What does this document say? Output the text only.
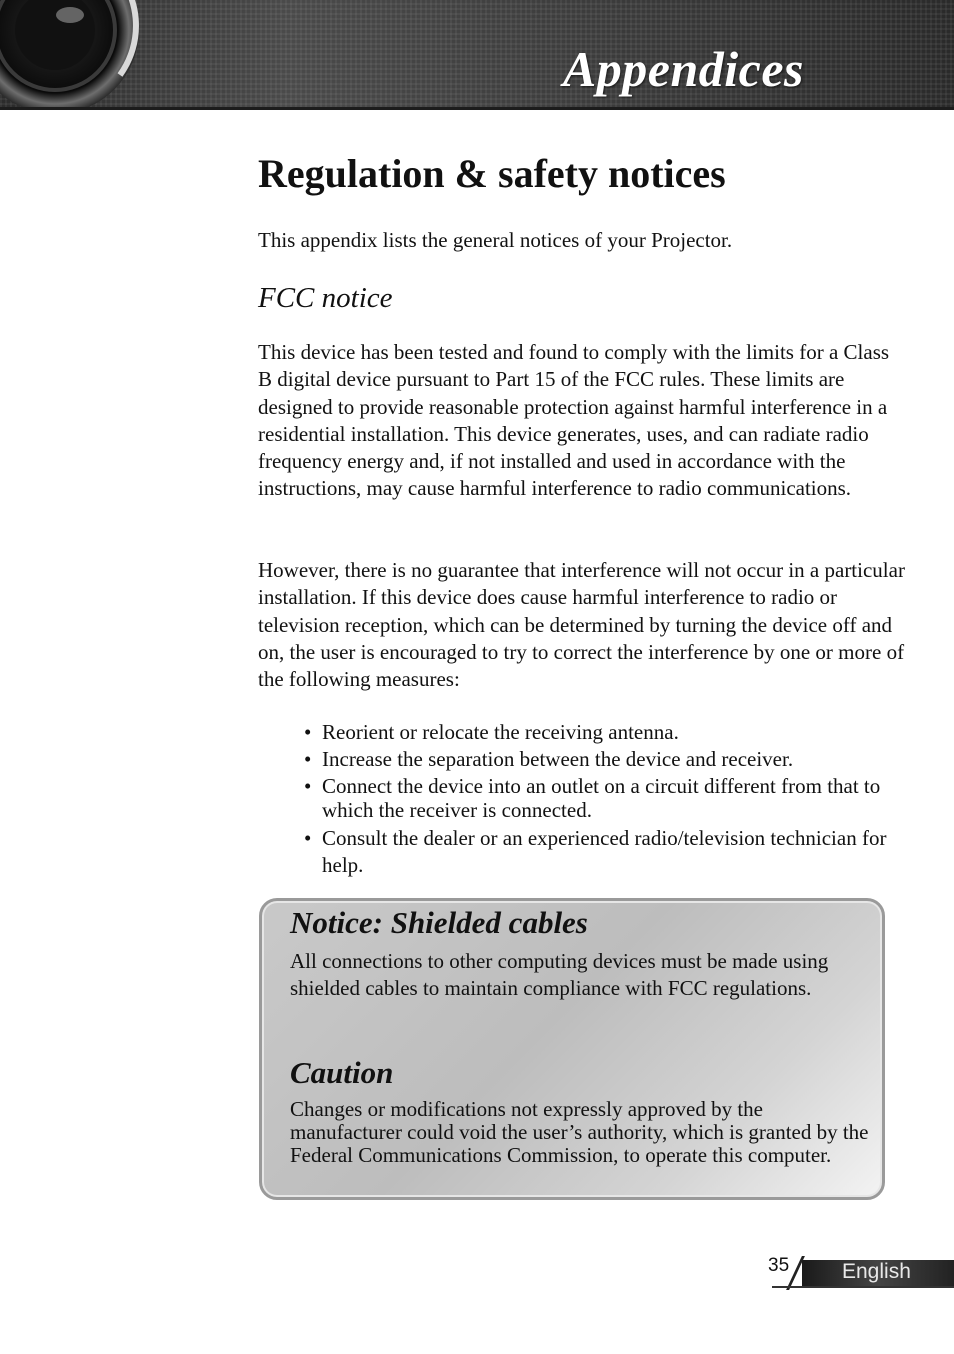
Appendices
Regulation & safety notices

This appendix lists the general notices of your Projector.

FCC notice

This device has been tested and found to comply with the limits for a Class B digital device pursuant to Part 15 of the FCC rules. These limits are designed to provide reasonable protection against harmful interference in a residential installation. This device generates, uses, and can radiate radio frequency energy and, if not installed and used in accordance with the instructions, may cause harmful interference to radio communications.

However, there is no guarantee that interference will not occur in a particular installation. If this device does cause harmful interference to radio or television reception, which can be determined by turning the device off and on, the user is encouraged to try to correct the interference by one or more of the following measures:

• Reorient or relocate the receiving antenna.
• Increase the separation between the device and receiver.
• Connect the device into an outlet on a circuit different from that to which the receiver is connected.
• Consult the dealer or an experienced radio/television technician for help.
Notice: Shielded cables

All connections to other computing devices must be made using shielded cables to maintain compliance with FCC regulations.

Caution

Changes or modifications not expressly approved by the manufacturer could void the user’s authority, which is granted by the Federal Communications Commission, to operate this computer.

35	English
